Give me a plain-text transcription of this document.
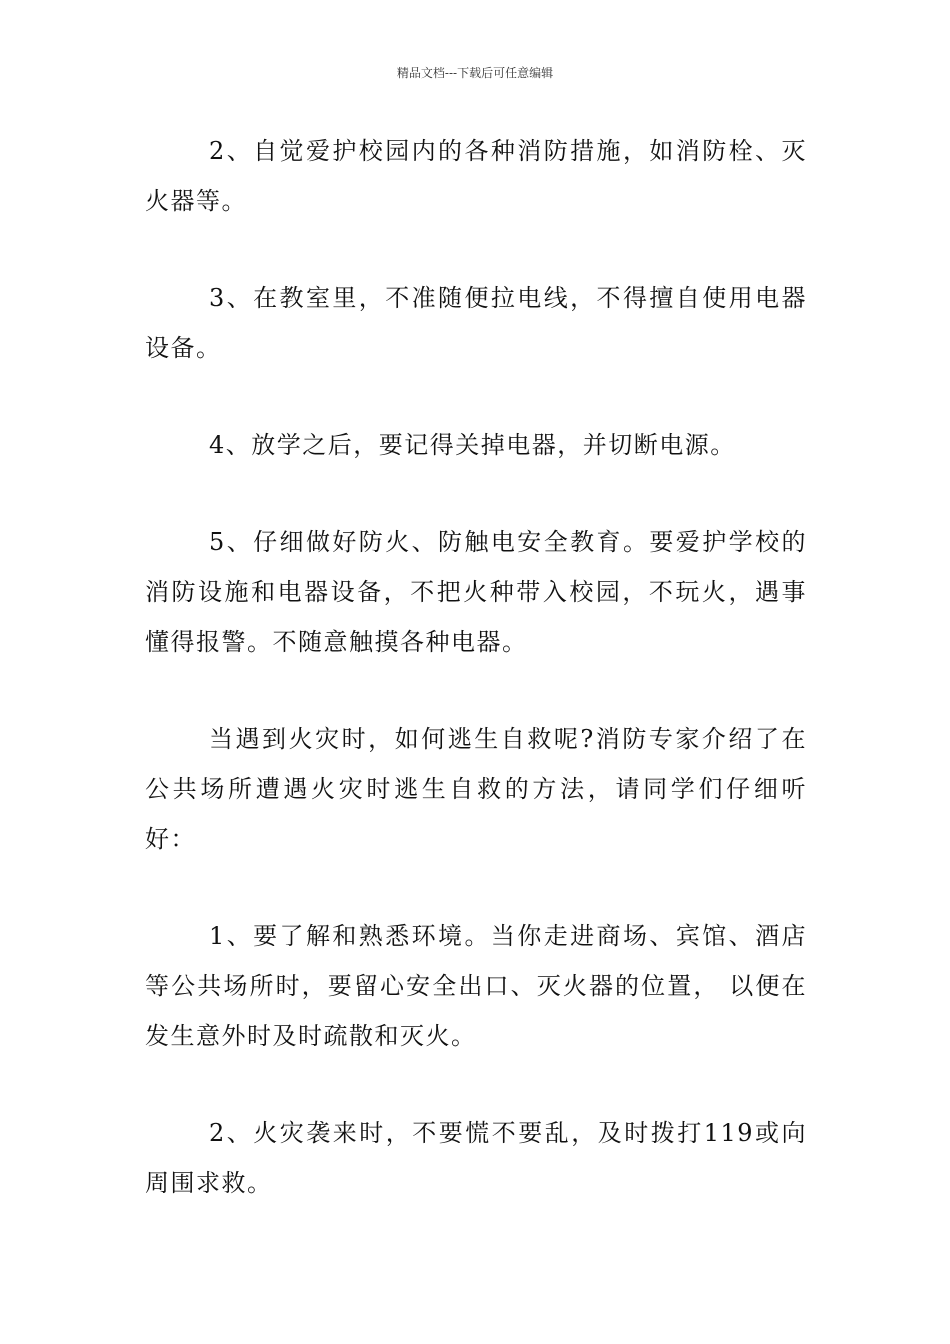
精品文档---下载后可任意编辑

2、自觉爱护校园内的各种消防措施，如消防栓、灭火器等。

3、在教室里，不准随便拉电线，不得擅自使用电器设备。

4、放学之后，要记得关掉电器，并切断电源。

5、仔细做好防火、防触电安全教育。要爱护学校的消防设施和电器设备，不把火种带入校园，不玩火，遇事懂得报警。不随意触摸各种电器。

当遇到火灾时，如何逃生自救呢?消防专家介绍了在公共场所遭遇火灾时逃生自救的方法，请同学们仔细听好：

1、要了解和熟悉环境。当你走进商场、宾馆、酒店等公共场所时，要留心安全出口、灭火器的位置， 以便在发生意外时及时疏散和灭火。

2、火灾袭来时，不要慌不要乱，及时拨打119或向周围求救。
